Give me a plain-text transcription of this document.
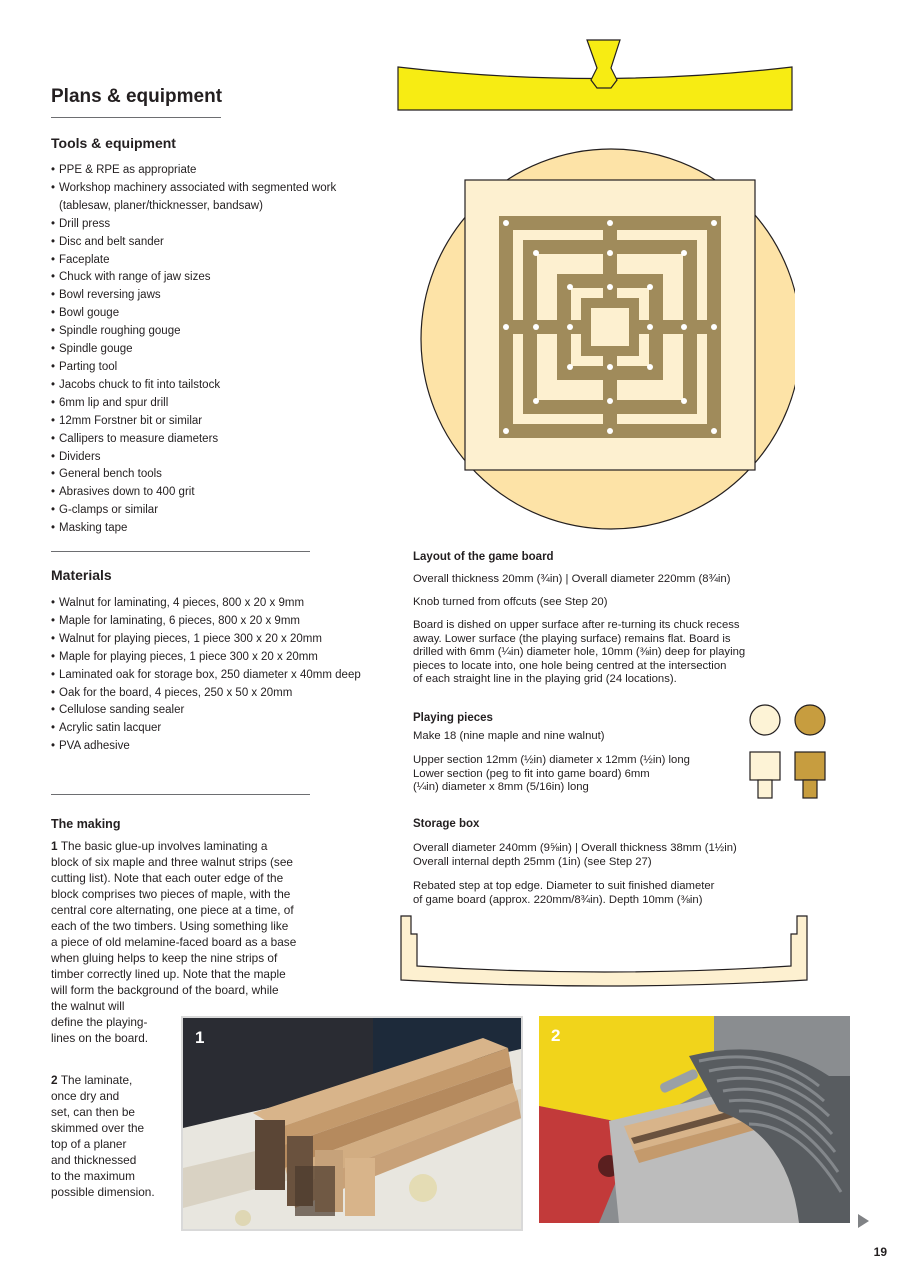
Plans & equipment
Tools & equipment
• PPE & RPE as appropriate
• Workshop machinery associated with segmented work (tablesaw, planer/thicknesser, bandsaw)
• Drill press
• Disc and belt sander
• Faceplate
• Chuck with range of jaw sizes
• Bowl reversing jaws
• Bowl gouge
• Spindle roughing gouge
• Spindle gouge
• Parting tool
• Jacobs chuck to fit into tailstock
• 6mm lip and spur drill
• 12mm Forstner bit or similar
• Callipers to measure diameters
• Dividers
• General bench tools
• Abrasives down to 400 grit
• G-clamps or similar
• Masking tape
Materials
• Walnut for laminating, 4 pieces, 800 x 20 x 9mm
• Maple for laminating, 6 pieces, 800 x 20 x 9mm
• Walnut for playing pieces, 1 piece 300 x 20 x 20mm
• Maple for playing pieces, 1 piece 300 x 20 x 20mm
• Laminated oak for storage box, 250 diameter x 40mm deep
• Oak for the board, 4 pieces, 250 x 50 x 20mm
• Cellulose sanding sealer
• Acrylic satin lacquer
• PVA adhesive
The making
1 The basic glue-up involves laminating a
block of six maple and three walnut strips (see
cutting list). Note that each outer edge of the
block comprises two pieces of maple, with the
central core alternating, one piece at a time, of
each of the two timbers. Using something like
a piece of old melamine-faced board as a base
when gluing helps to keep the nine strips of
timber correctly lined up. Note that the maple
will form the background of the board, while
the walnut will
define the playing-
lines on the board.
2 The laminate,
once dry and
set, can then be
skimmed over the
top of a planer
and thicknessed
to the maximum
possible dimension.
Layout of the game board

Overall thickness 20mm (¾in) | Overall diameter 220mm (8¾in)

Knob turned from offcuts (see Step 20)

Board is dished on upper surface after re-turning its chuck recess
away. Lower surface (the playing surface) remains flat. Board is
drilled with 6mm (¼in) diameter hole, 10mm (⅜in) deep for playing
pieces to locate into, one hole being centred at the intersection
of each straight line in the playing grid (24 locations).
Playing pieces

Make 18 (nine maple and nine walnut)

Upper section 12mm (½in) diameter x 12mm (½in) long
Lower section (peg to fit into game board) 6mm
(¼in) diameter x 8mm (5/16in) long
Storage box
Overall diameter 240mm (9⅝in) | Overall thickness 38mm (1½in)
Overall internal depth 25mm (1in) (see Step 27)
Rebated step at top edge. Diameter to suit finished diameter
of game board (approx. 220mm/8¾in). Depth 10mm (⅜in)
1	2
19
